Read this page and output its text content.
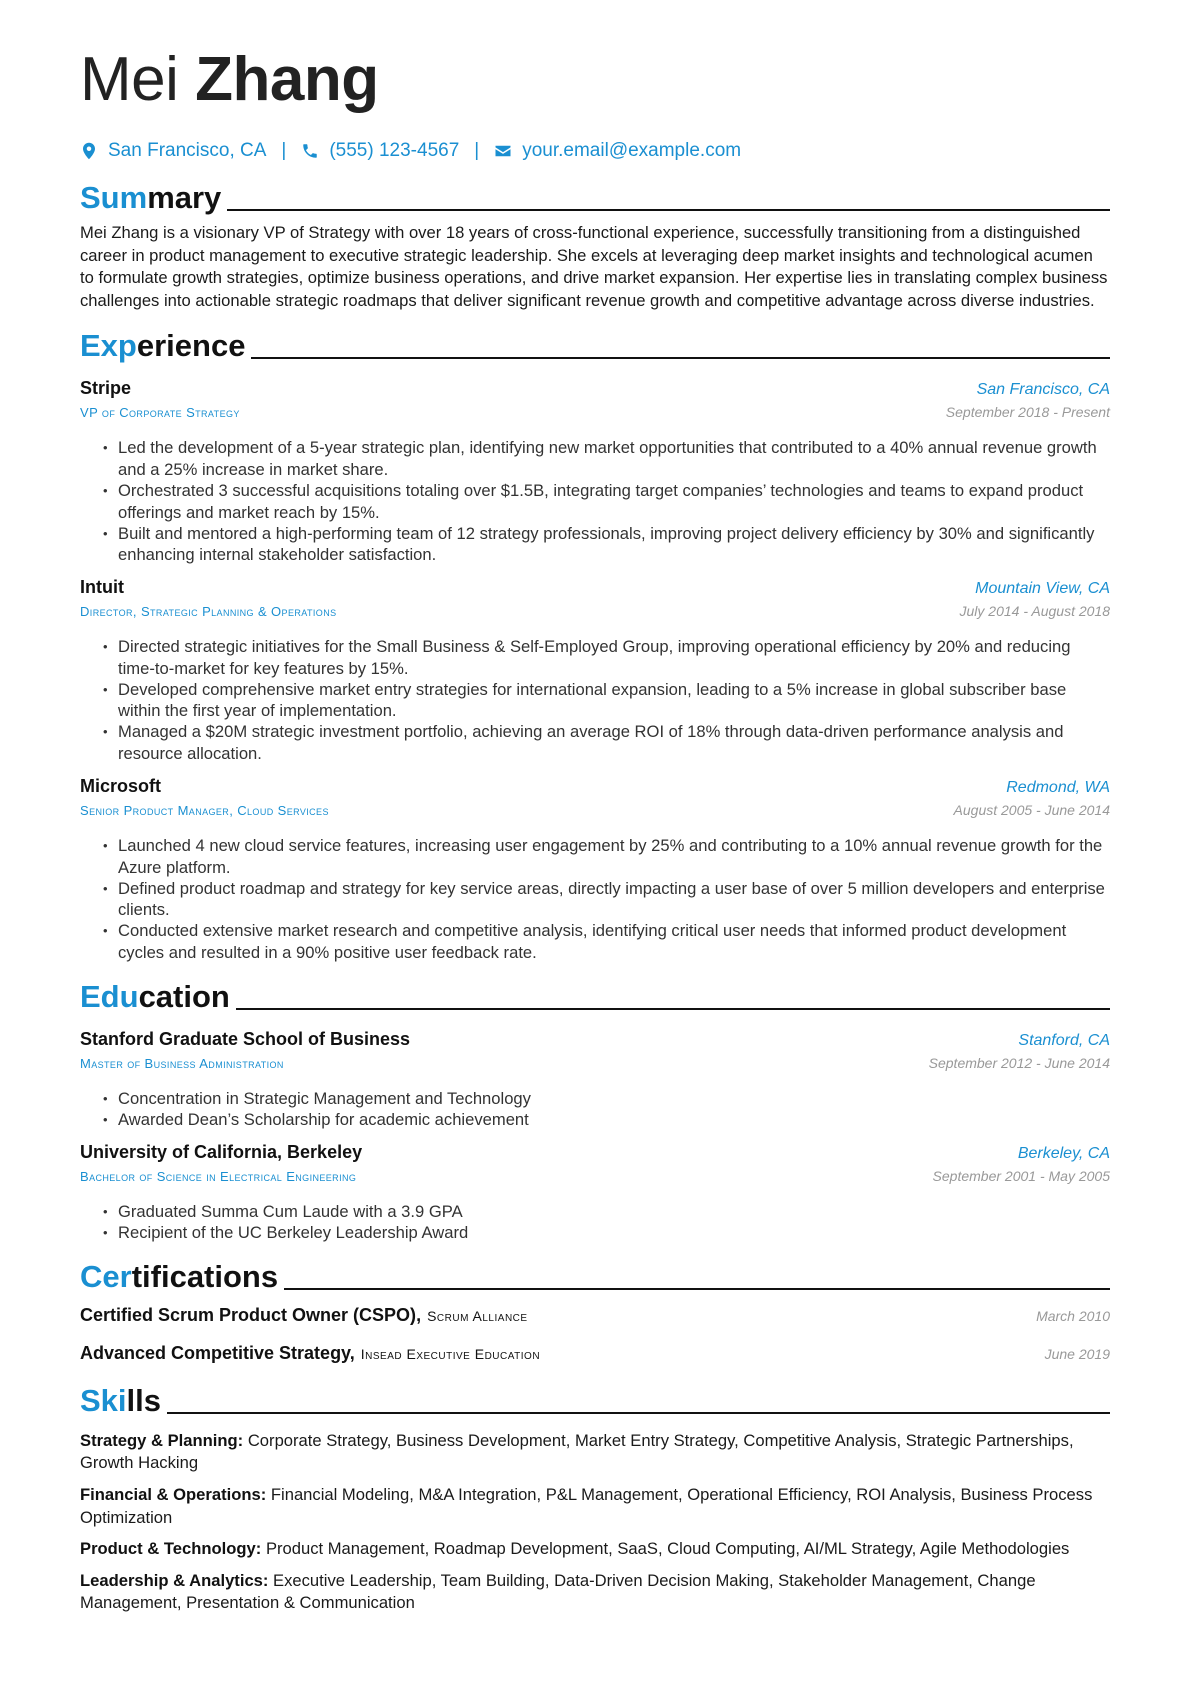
Mei Zhang
San Francisco, CA | (555) 123-4567 | your.email@example.com
Summary

Mei Zhang is a visionary VP of Strategy with over 18 years of cross-functional experience, successfully transitioning from a distinguished career in product management to executive strategic leadership. She excels at leveraging deep market insights and technological acumen to formulate growth strategies, optimize business operations, and drive market expansion. Her expertise lies in translating complex business challenges into actionable strategic roadmaps that deliver significant revenue growth and competitive advantage across diverse industries.

Experience
Stripe	San Francisco, CA
VP of Corporate Strategy	September 2018 - Present
• Led the development of a 5-year strategic plan, identifying new market opportunities that contributed to a 40% annual revenue growth and a 25% increase in market share.
• Orchestrated 3 successful acquisitions totaling over $1.5B, integrating target companies’ technologies and teams to expand product offerings and market reach by 15%.
• Built and mentored a high-performing team of 12 strategy professionals, improving project delivery efficiency by 30% and significantly enhancing internal stakeholder satisfaction.
Intuit	Mountain View, CA
Director, Strategic Planning & Operations	July 2014 - August 2018
• Directed strategic initiatives for the Small Business & Self-Employed Group, improving operational efficiency by 20% and reducing time-to-market for key features by 15%.
• Developed comprehensive market entry strategies for international expansion, leading to a 5% increase in global subscriber base within the first year of implementation.
• Managed a $20M strategic investment portfolio, achieving an average ROI of 18% through data-driven performance analysis and resource allocation.
Microsoft	Redmond, WA
Senior Product Manager, Cloud Services	August 2005 - June 2014
• Launched 4 new cloud service features, increasing user engagement by 25% and contributing to a 10% annual revenue growth for the Azure platform.
• Defined product roadmap and strategy for key service areas, directly impacting a user base of over 5 million developers and enterprise clients.
• Conducted extensive market research and competitive analysis, identifying critical user needs that informed product development cycles and resulted in a 90% positive user feedback rate.
Education
Stanford Graduate School of Business	Stanford, CA
Master of Business Administration	September 2012 - June 2014
• Concentration in Strategic Management and Technology
• Awarded Dean’s Scholarship for academic achievement
University of California, Berkeley	Berkeley, CA
Bachelor of Science in Electrical Engineering	September 2001 - May 2005
• Graduated Summa Cum Laude with a 3.9 GPA
• Recipient of the UC Berkeley Leadership Award
Certifications
Certified Scrum Product Owner (CSPO), Scrum Alliance	March 2010
Advanced Competitive Strategy, Insead Executive Education	June 2019
Skills

Strategy & Planning: Corporate Strategy, Business Development, Market Entry Strategy, Competitive Analysis, Strategic Partnerships, Growth Hacking

Financial & Operations: Financial Modeling, M&A Integration, P&L Management, Operational Efficiency, ROI Analysis, Business Process Optimization

Product & Technology: Product Management, Roadmap Development, SaaS, Cloud Computing, AI/ML Strategy, Agile Methodologies

Leadership & Analytics: Executive Leadership, Team Building, Data-Driven Decision Making, Stakeholder Management, Change Management, Presentation & Communication
